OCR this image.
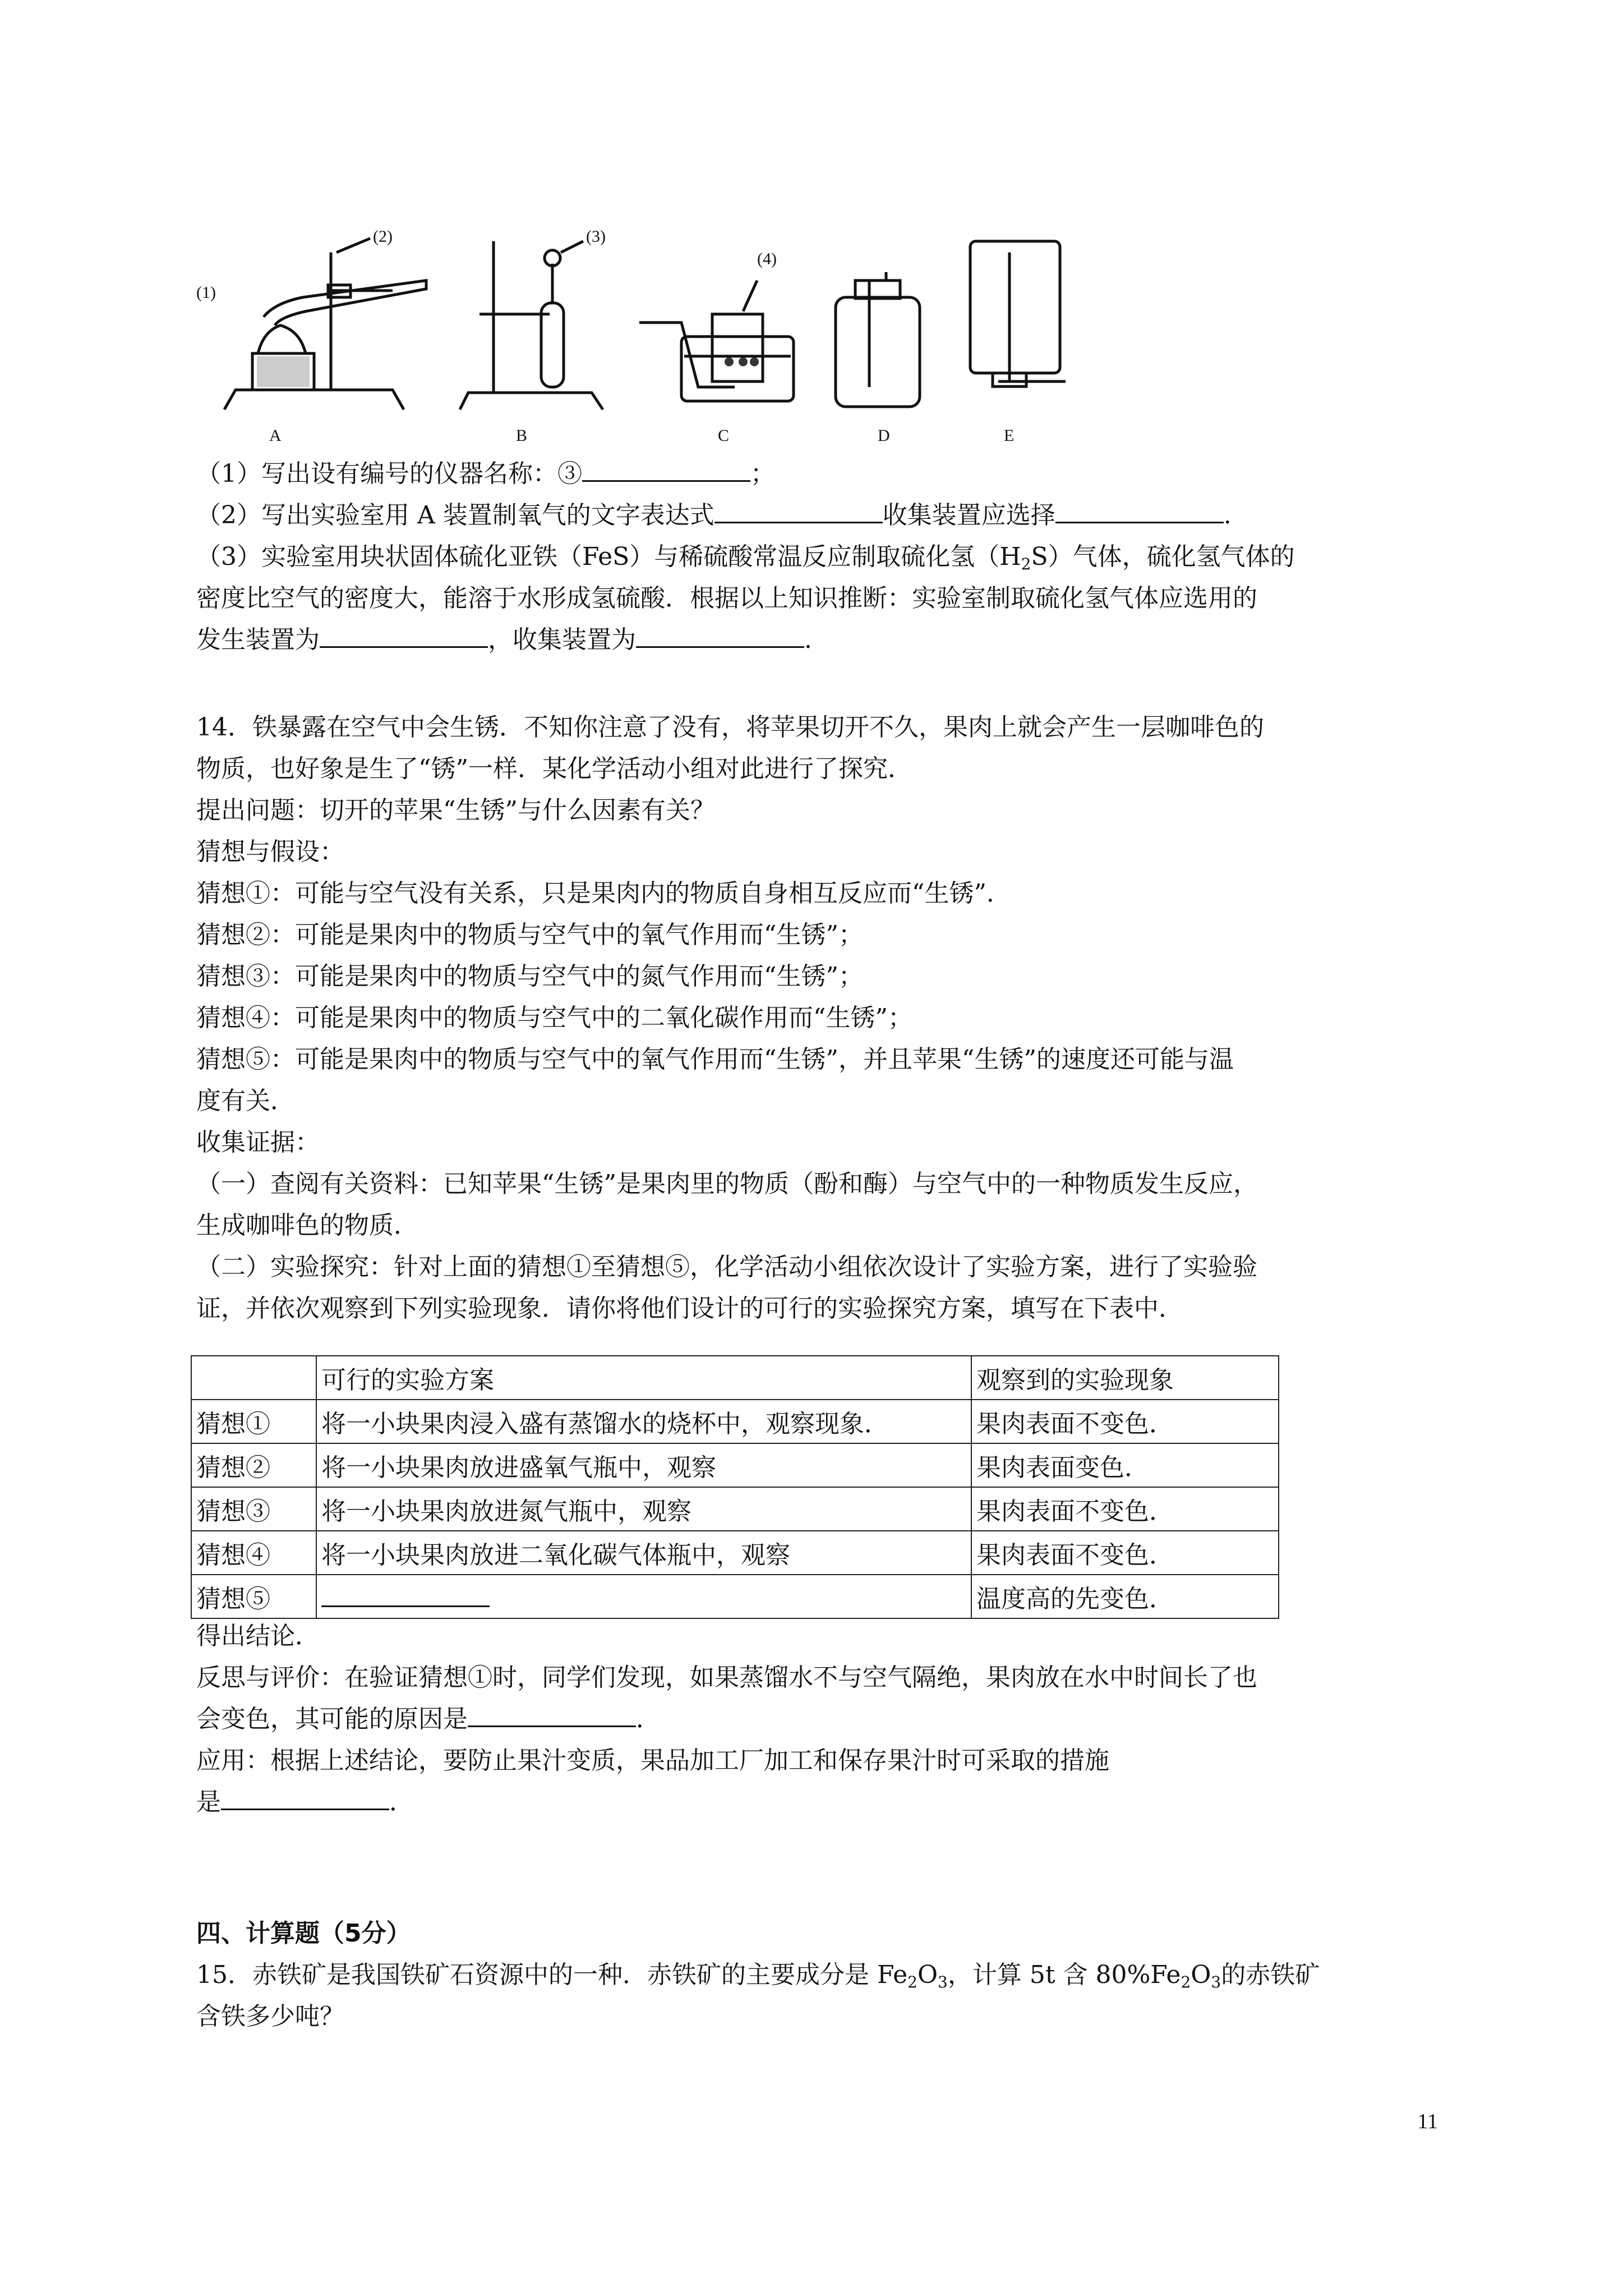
(1)
(2)	(3)
(4)
A	B	C	D	E
（1）写出设有编号的仪器名称：③	；
（2）写出实验室用 A 装置制氧气的文字表达式	收集装置应选择	.
（3）实验室用块状固体硫化亚铁（FeS）与稀硫酸常温反应制取硫化氢$(H_2S)$气体，硫化氢气体的
密度比空气的密度大，能溶于水形成氢硫酸．根据以上知识推断：实验室制取硫化氢气体应选用的
发生装置为	，收集装置为	.
14．铁暴露在空气中会生锈．不知你注意了没有，将苹果切开不久，果肉上就会产生一层咖啡色的
物质，也好象是生了“锈”一样．某化学活动小组对此进行了探究．
提出问题：切开的苹果“生锈”与什么因素有关？
猜想与假设：
猜想①：可能与空气没有关系，只是果肉内的物质自身相互反应而“生锈”．
猜想②：可能是果肉中的物质与空气中的氧气作用而“生锈”；
猜想③：可能是果肉中的物质与空气中的氮气作用而“生锈”；
猜想④：可能是果肉中的物质与空气中的二氧化碳作用而“生锈”；
猜想⑤：可能是果肉中的物质与空气中的氧气作用而“生锈”，并且苹果“生锈”的速度还可能与温
度有关．
收集证据：
（一）查阅有关资料：已知苹果“生锈”是果肉里的物质（酚和酶）与空气中的一种物质发生反应，
生成咖啡色的物质．
（二）实验探究：针对上面的猜想①至猜想⑤，化学活动小组依次设计了实验方案，进行了实验验
证，并依次观察到下列实验现象．请你将他们设计的可行的实验探究方案，填写在下表中．
	可行的实验方案	观察到的实验现象
猜想①	将一小块果肉浸入盛有蒸馏水的烧杯中，观察现象．	果肉表面不变色．
猜想②	将一小块果肉放进盛氧气瓶中，观察	果肉表面变色．
猜想③	将一小块果肉放进氮气瓶中，观察	果肉表面不变色．
猜想④	将一小块果肉放进二氧化碳气体瓶中，观察	果肉表面不变色．
猜想⑤		温度高的先变色．
得出结论．
反思与评价：在验证猜想①时，同学们发现，如果蒸馏水不与空气隔绝，果肉放在水中时间长了也
会变色，其可能的原因是	．
应用：根据上述结论，要防止果汁变质，果品加工厂加工和保存果汁时可采取的措施
是	．
四、计算题（5分）
15．赤铁矿是我国铁矿石资源中的一种．赤铁矿的主要成分是 $Fe_2O_3$，计算 5t 含 $80\%Fe_2O_3$的赤铁矿
含铁多少吨？
11
